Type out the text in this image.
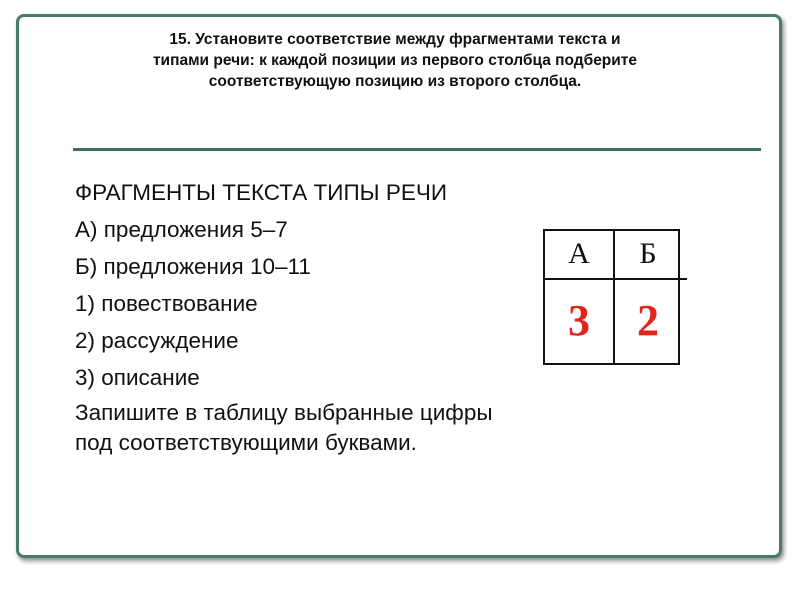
15. Установите соответствие между фрагментами текста и
типами речи: к каждой позиции из первого столбца подберите
соответствующую позицию из второго столбца.
ФРАГМЕНТЫ ТЕКСТА ТИПЫ РЕЧИ
А) предложения 5–7
Б) предложения 10–11
1) повествование
2) рассуждение
3) описание
Запишите в таблицу выбранные цифры
под соответствующими буквами.
А	Б
3	2
